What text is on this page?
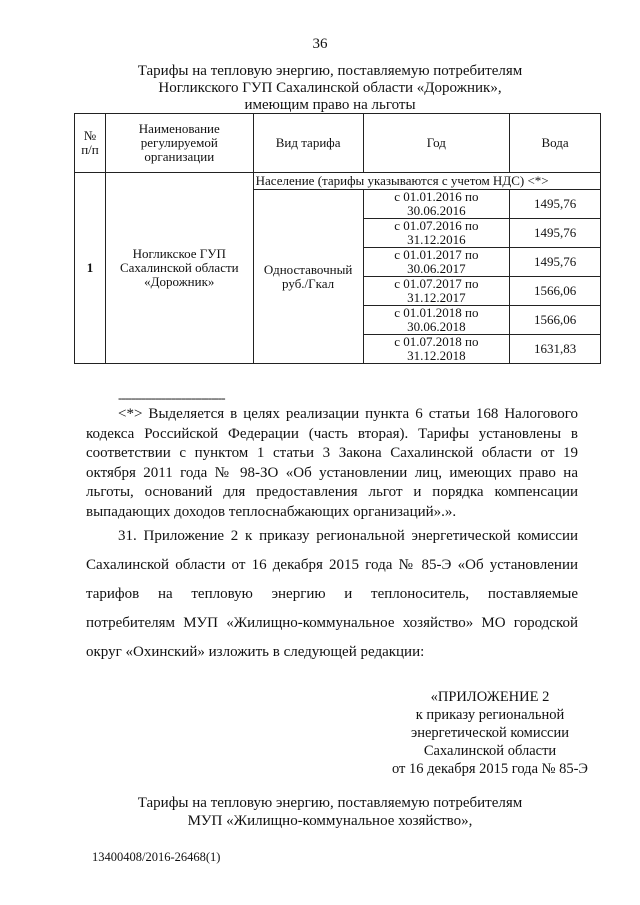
36
Тарифы на тепловую энергию, поставляемую потребителям
Ногликского ГУП Сахалинской области «Дорожник»,
имеющим право на льготы
№ п/п	Наименование регулируемой организации	Вид тарифа	Год	Вода
1	Ногликское ГУП Сахалинской области «Дорожник»	Население (тарифы указываются с учетом НДС) <*>		
		Одноставочный руб./Гкал	с 01.01.2016 по 30.06.2016	1495,76
			с 01.07.2016 по 31.12.2016	1495,76
			с 01.01.2017 по 30.06.2017	1495,76
			с 01.07.2017 по 31.12.2017	1566,06
			с 01.01.2018 по 30.06.2018	1566,06
			с 01.07.2018 по 31.12.2018	1631,83
--------------------------------

<*> Выделяется в целях реализации пункта 6 статьи 168 Налогового кодекса Российской Федерации (часть вторая). Тарифы установлены в соответствии с пунктом 1 статьи 3 Закона Сахалинской области от 19 октября 2011 года № 98-ЗО «Об установлении лиц, имеющих право на льготы, оснований для предоставления льгот и порядка компенсации выпадающих доходов теплоснабжающих организаций».».

31. Приложение 2 к приказу региональной энергетической комиссии Сахалинской области от 16 декабря 2015 года № 85-Э «Об установлении тарифов на тепловую энергию и теплоноситель, поставляемые потребителям МУП «Жилищно-коммунальное хозяйство» МО городской округ «Охинский» изложить в следующей редакции:

«ПРИЛОЖЕНИЕ 2
к приказу региональной
энергетической комиссии
Сахалинской области
от 16 декабря 2015 года № 85-Э
Тарифы на тепловую энергию, поставляемую потребителям
МУП «Жилищно-коммунальное хозяйство»,
13400408/2016-26468(1)
